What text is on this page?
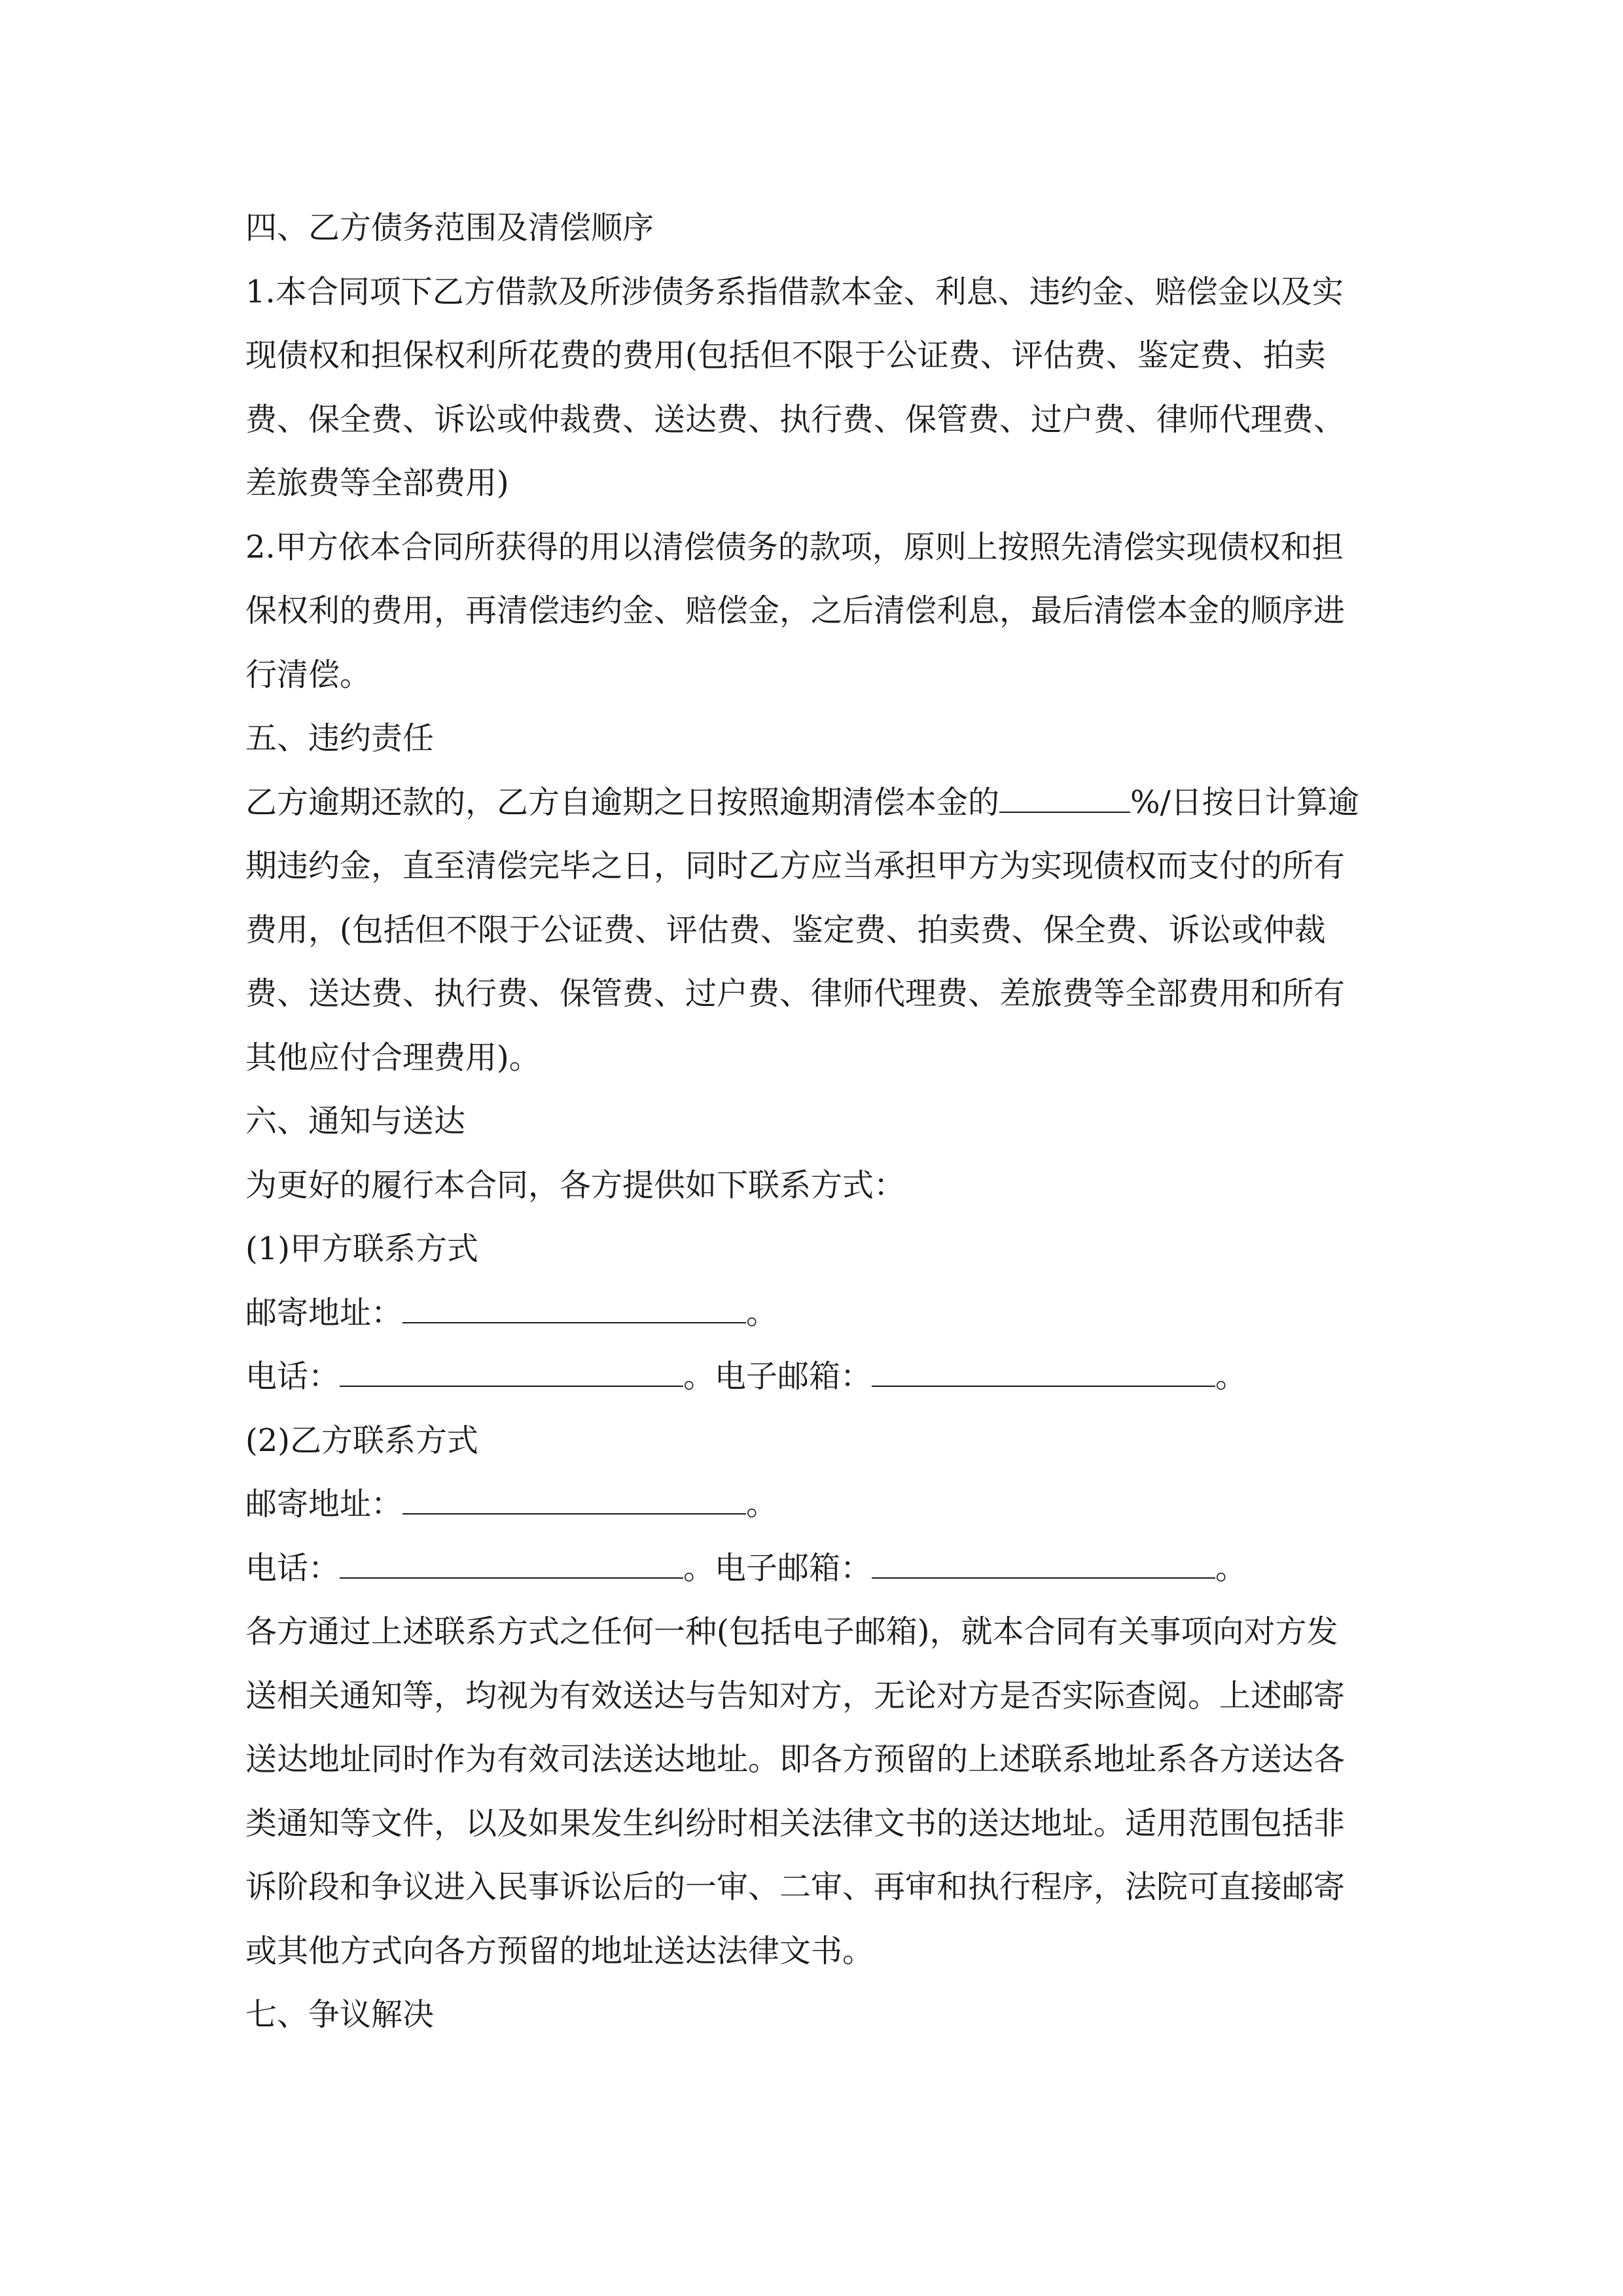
四、乙方债务范围及清偿顺序
1.本合同项下乙方借款及所涉债务系指借款本金、利息、违约金、赔偿金以及实
现债权和担保权利所花费的费用(包括但不限于公证费、评估费、鉴定费、拍卖
费、保全费、诉讼或仲裁费、送达费、执行费、保管费、过户费、律师代理费、
差旅费等全部费用)
2.甲方依本合同所获得的用以清偿债务的款项，原则上按照先清偿实现债权和担
保权利的费用，再清偿违约金、赔偿金，之后清偿利息，最后清偿本金的顺序进
行清偿。
五、违约责任
乙方逾期还款的，乙方自逾期之日按照逾期清偿本金的	%/日按日计算逾
期违约金，直至清偿完毕之日，同时乙方应当承担甲方为实现债权而支付的所有
费用，(包括但不限于公证费、评估费、鉴定费、拍卖费、保全费、诉讼或仲裁
费、送达费、执行费、保管费、过户费、律师代理费、差旅费等全部费用和所有
其他应付合理费用)。
六、通知与送达
为更好的履行本合同，各方提供如下联系方式：
(1)甲方联系方式
邮寄地址：	。
电话：	。电子邮箱：	。
(2)乙方联系方式
邮寄地址：	。
电话：	。电子邮箱：	。
各方通过上述联系方式之任何一种(包括电子邮箱)，就本合同有关事项向对方发
送相关通知等，均视为有效送达与告知对方，无论对方是否实际查阅。上述邮寄
送达地址同时作为有效司法送达地址。即各方预留的上述联系地址系各方送达各
类通知等文件，以及如果发生纠纷时相关法律文书的送达地址。适用范围包括非
诉阶段和争议进入民事诉讼后的一审、二审、再审和执行程序，法院可直接邮寄
或其他方式向各方预留的地址送达法律文书。
七、争议解决
